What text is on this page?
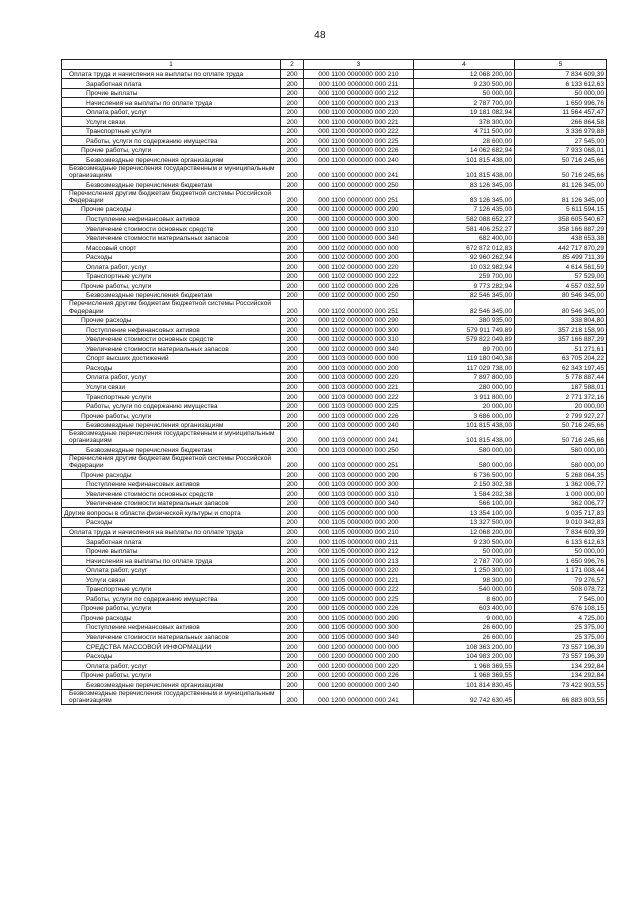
48
1	2	3	4	5
Оплата труда и начисления на выплаты по оплате труда	200	000 1100 0000000 000 210	12 068 200,00	7 834 609,39
Заработная плата	200	000 1100 0000000 000 211	9 230 500,00	6 133 612,63
Прочие выплаты	200	000 1100 0000000 000 212	50 000,00	50 000,00
Начисления на выплаты по оплате труда	200	000 1100 0000000 000 213	2 787 700,00	1 650 996,76
Оплата работ, услуг	200	000 1100 0000000 000 220	19 181 082,94	11 564 457,47
Услуги связи	200	000 1100 0000000 000 221	378 300,00	266 864,58
Транспортные услуги	200	000 1100 0000000 000 222	4 711 500,00	3 336 979,88
Работы, услуги по содержанию имущества	200	000 1100 0000000 000 225	28 600,00	27 545,00
Прочие работы, услуги	200	000 1100 0000000 000 226	14 062 682,94	7 933 068,01
Безвозмездные перечисления организациям	200	000 1100 0000000 000 240	101 815 438,00	50 716 245,66
Безвозмездные перечисления государственным и муниципальным организациям	200	000 1100 0000000 000 241	101 815 438,00	50 716 245,66
Безвозмездные перечисления бюджетам	200	000 1100 0000000 000 250	83 126 345,00	81 126 345,00
Перечисления другим бюджетам бюджетной системы Российской Федерации	200	000 1100 0000000 000 251	83 126 345,00	81 126 345,00
Прочие расходы	200	000 1100 0000000 000 290	7 126 435,00	5 611 594,15
Поступление нефинансовых активов	200	000 1100 0000000 000 300	582 088 652,27	358 605 540,67
Увеличение стоимости основных средств	200	000 1100 0000000 000 310	581 406 252,27	358 166 887,29
Увеличение стоимости материальных запасов	200	000 1100 0000000 000 340	682 400,00	438 653,38
Массовый спорт	200	000 1102 0000000 000 000	672 872 012,83	442 717 870,29
Расходы	200	000 1102 0000000 000 200	92 960 262,94	85 499 711,39
Оплата работ, услуг	200	000 1102 0000000 000 220	10 032 982,94	4 614 561,59
Транспортные услуги	200	000 1102 0000000 000 222	259 700,00	57 529,00
Прочие работы, услуги	200	000 1102 0000000 000 226	9 773 282,94	4 557 032,59
Безвозмездные перечисления бюджетам	200	000 1102 0000000 000 250	82 546 345,00	80 546 345,00
Перечисления другим бюджетам бюджетной системы Российской Федерации	200	000 1102 0000000 000 251	82 546 345,00	80 546 345,00
Прочие расходы	200	000 1102 0000000 000 290	380 935,00	338 804,80
Поступление нефинансовых активов	200	000 1102 0000000 000 300	579 911 749,89	357 218 158,90
Увеличение стоимости основных средств	200	000 1102 0000000 000 310	579 822 049,89	357 166 887,29
Увеличение стоимости материальных запасов	200	000 1102 0000000 000 340	89 700,00	51 271,61
Спорт высших достижений	200	000 1103 0000000 000 000	119 180 040,38	63 705 204,22
Расходы	200	000 1103 0000000 000 200	117 029 738,00	62 343 197,45
Оплата работ, услуг	200	000 1103 0000000 000 220	7 897 800,00	5 778 887,44
Услуги связи	200	000 1103 0000000 000 221	280 000,00	187 588,01
Транспортные услуги	200	000 1103 0000000 000 222	3 911 800,00	2 771 372,16
Работы, услуги по содержанию имущества	200	000 1103 0000000 000 225	20 000,00	20 000,00
Прочие работы, услуги	200	000 1103 0000000 000 226	3 686 000,00	2 799 927,27
Безвозмездные перечисления организациям	200	000 1103 0000000 000 240	101 815 438,00	50 716 245,66
Безвозмездные перечисления государственным и муниципальным организациям	200	000 1103 0000000 000 241	101 815 438,00	50 716 245,66
Безвозмездные перечисления бюджетам	200	000 1103 0000000 000 250	580 000,00	580 000,00
Перечисления другим бюджетам бюджетной системы Российской Федерации	200	000 1103 0000000 000 251	580 000,00	580 000,00
Прочие расходы	200	000 1103 0000000 000 290	6 736 500,00	5 268 064,35
Поступление нефинансовых активов	200	000 1103 0000000 000 300	2 150 302,38	1 362 006,77
Увеличение стоимости основных средств	200	000 1103 0000000 000 310	1 584 202,38	1 000 000,00
Увеличение стоимости материальных запасов	200	000 1103 0000000 000 340	566 100,00	362 006,77
Другие вопросы в области физической культуры и спорта	200	000 1105 0000000 000 000	13 354 100,00	9 035 717,83
Расходы	200	000 1105 0000000 000 200	13 327 500,00	9 010 342,83
Оплата труда и начисления на выплаты по оплате труда	200	000 1105 0000000 000 210	12 068 200,00	7 834 609,39
Заработная плата	200	000 1105 0000000 000 211	9 230 500,00	6 133 612,63
Прочие выплаты	200	000 1105 0000000 000 212	50 000,00	50 000,00
Начисления на выплаты по оплате труда	200	000 1105 0000000 000 213	2 787 700,00	1 650 996,76
Оплата работ, услуг	200	000 1105 0000000 000 220	1 250 300,00	1 171 008,44
Услуги связи	200	000 1105 0000000 000 221	98 300,00	79 276,57
Транспортные услуги	200	000 1105 0000000 000 222	540 000,00	508 078,72
Работы, услуги по содержанию имущества	200	000 1105 0000000 000 225	8 600,00	7 545,00
Прочие работы, услуги	200	000 1105 0000000 000 226	603 400,00	576 108,15
Прочие расходы	200	000 1105 0000000 000 290	9 000,00	4 725,00
Поступление нефинансовых активов	200	000 1105 0000000 000 300	26 600,00	25 375,00
Увеличение стоимости материальных запасов	200	000 1105 0000000 000 340	26 600,00	25 375,00
СРЕДСТВА МАССОВОЙ ИНФОРМАЦИИ	200	000 1200 0000000 000 000	108 363 200,00	73 557 196,39
Расходы	200	000 1200 0000000 000 200	104 983 200,00	73 557 196,39
Оплата работ, услуг	200	000 1200 0000000 000 220	1 968 369,55	134 292,84
Прочие работы, услуги	200	000 1200 0000000 000 226	1 968 369,55	134 292,84
Безвозмездные перечисления организациям	200	000 1200 0000000 000 240	101 814 830,45	73 422 903,55
Безвозмездные перечисления государственным и муниципальным организациям	200	000 1200 0000000 000 241	92 742 630,45	66 883 803,55
